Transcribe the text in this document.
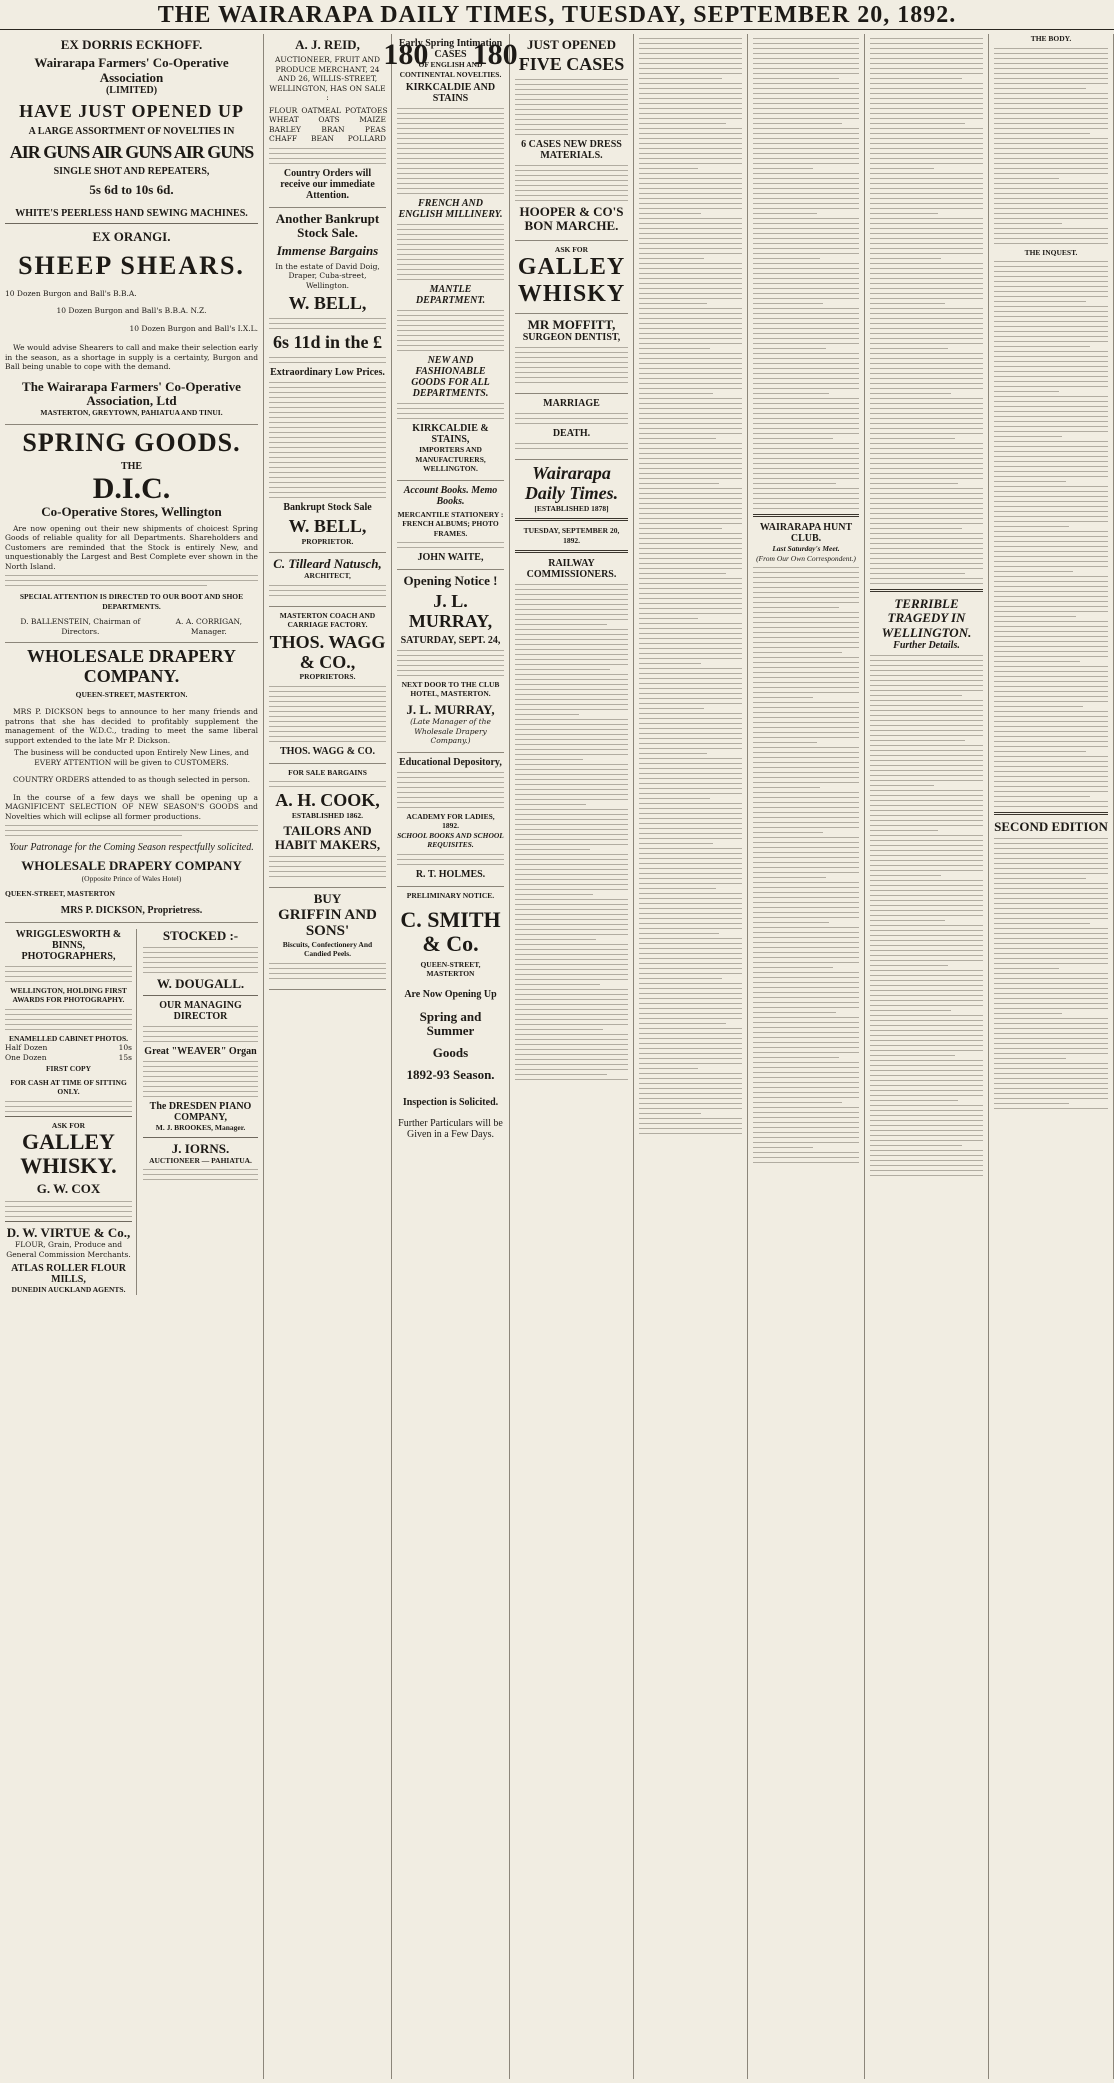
THE WAIRARAPA DAILY TIMES, TUESDAY, SEPTEMBER 20, 1892.
EX DORRIS ECKHOFF.
Wairarapa Farmers' Co-Operative Association
(LIMITED)
HAVE JUST OPENED UP
A LARGE ASSORTMENT OF NOVELTIES IN
AIR GUNS AIR GUNS AIR GUNS
SINGLE SHOT AND REPEATERS,
5s 6d to 10s 6d.
WHITE'S PEERLESS HAND SEWING MACHINES.
EX ORANGI.
SHEEP SHEARS.
10 Dozen Burgon and Ball's B.B.A.
10 Dozen Burgon and Ball's B.B.A. N.Z.
10 Dozen Burgon and Ball's I.X.L.
We would advise Shearers to call and make their selection early in the season, as a shortage in supply is a certainty, Burgon and Ball being unable to cope with the demand.
The Wairarapa Farmers' Co-Operative Association, Ltd
MASTERTON, GREYTOWN, PAHIATUA AND TINUI.
SPRING GOODS.
THE
D.I.C.
Co-Operative Stores, Wellington
Are now opening out their new shipments of choicest Spring Goods of reliable quality for all Departments. Shareholders and Customers are reminded that the Stock is entirely New, and unquestionably the Largest and Best Complete ever shown in the North Island.
SPECIAL ATTENTION IS DIRECTED TO OUR BOOT AND SHOE DEPARTMENTS.
D. BALLENSTEIN, Chairman of Directors.
A. A. CORRIGAN, Manager.
WHOLESALE DRAPERY COMPANY.
QUEEN-STREET, MASTERTON.
MRS P. DICKSON begs to announce to her many friends and patrons that she has decided to profitably supplement the management of the W.D.C., trading to meet the same liberal support extended to the late Mr P. Dickson.
The business will be conducted upon Entirely New Lines, and EVERY ATTENTION will be given to CUSTOMERS.
COUNTRY ORDERS attended to as though selected in person.
In the course of a few days we shall be opening up a MAGNIFICENT SELECTION OF NEW SEASON'S GOODS and Novelties which will eclipse all former productions.
Your Patronage for the Coming Season respectfully solicited.
WHOLESALE DRAPERY COMPANY
(Opposite Prince of Wales Hotel)
QUEEN-STREET, MASTERTON
MRS P. DICKSON, Proprietress.
WRIGGLESWORTH & BINNS, PHOTOGRAPHERS,
WELLINGTON, HOLDING FIRST AWARDS FOR PHOTOGRAPHY.
ENAMELLED CABINET PHOTOS.
Half Dozen	10s
One Dozen	15s
FIRST COPY
FOR CASH AT TIME OF SITTING ONLY.
ASK FOR
GALLEY WHISKY.
G. W. COX
D. W. VIRTUE & Co.,
FLOUR, Grain, Produce and General Commission Merchants.
ATLAS ROLLER FLOUR MILLS,
DUNEDIN AUCKLAND AGENTS.
STOCKED :-
W. DOUGALL.
OUR MANAGING DIRECTOR
Great "WEAVER" Organ
The DRESDEN PIANO COMPANY,
M. J. BROOKES, Manager.
J. IORNS.
AUCTIONEER — PAHIATUA.
A. J. REID,
AUCTIONEER, FRUIT AND PRODUCE MERCHANT, 24 AND 26, WILLIS-STREET, WELLINGTON, HAS ON SALE :
FLOUR OATMEAL POTATOES
WHEAT	OATS	MAIZE
BARLEY	BRAN	PEAS
CHAFF BEAN POLLARD
Country Orders will receive our immediate Attention.
Another Bankrupt Stock Sale.
Immense Bargains
In the estate of David Doig, Draper, Cuba-street, Wellington.
W. BELL,
6s 11d in the £
Extraordinary Low Prices.
Bankrupt Stock Sale
W. BELL,
PROPRIETOR.
C. Tilleard Natusch,
ARCHITECT,
MASTERTON COACH AND CARRIAGE FACTORY.
THOS. WAGG & CO.,
PROPRIETORS.
THOS. WAGG & CO.
FOR SALE BARGAINS
A. H. COOK,
ESTABLISHED 1862.
TAILORS AND HABIT MAKERS,
BUY
GRIFFIN AND SONS'
Biscuits, Confectionery And Candied Peels.
Early Spring Intimation
180 CASES 180
OF ENGLISH AND CONTINENTAL NOVELTIES.
KIRKCALDIE AND STAINS
FRENCH AND ENGLISH MILLINERY.
MANTLE DEPARTMENT.
NEW AND FASHIONABLE GOODS FOR ALL DEPARTMENTS.
KIRKCALDIE & STAINS,
IMPORTERS AND MANUFACTURERS, WELLINGTON.
Account Books. Memo Books.
MERCANTILE STATIONERY : FRENCH ALBUMS; PHOTO FRAMES.
JOHN WAITE,
Opening Notice !
J. L. MURRAY,
SATURDAY, SEPT. 24,
NEXT DOOR TO THE CLUB HOTEL, MASTERTON.
J. L. MURRAY,
(Late Manager of the Wholesale Drapery Company.)
Educational Depository,
ACADEMY FOR LADIES, 1892.
SCHOOL BOOKS AND SCHOOL REQUISITES.
R. T. HOLMES.
PRELIMINARY NOTICE.
C. SMITH & Co.
QUEEN-STREET, MASTERTON
Are Now Opening Up
Spring and Summer
Goods
1892-93 Season.
Inspection is Solicited.
Further Particulars will be Given in a Few Days.
JUST OPENED
FIVE CASES
6 CASES NEW DRESS MATERIALS.
HOOPER & CO'S BON MARCHE.
ASK FOR
GALLEY WHISKY
MR MOFFITT,
SURGEON DENTIST,
MARRIAGE
DEATH.
Wairarapa Daily Times.
[ESTABLISHED 1878]
TUESDAY, SEPTEMBER 20, 1892.
RAILWAY COMMISSIONERS.
WAIRARAPA HUNT CLUB.
Last Saturday's Meet.
(From Our Own Correspondent.)
TERRIBLE TRAGEDY IN WELLINGTON.
Further Details.
THE BODY.
THE INQUEST.
SECOND EDITION
